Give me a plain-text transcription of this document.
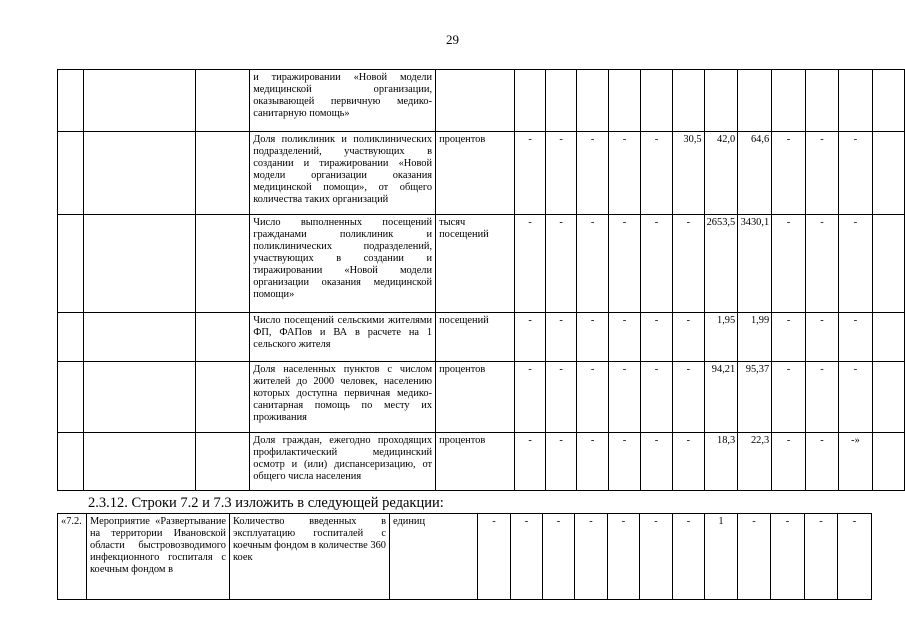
29
			и тиражировании «Новой модели медицинской организации, оказывающей первичную медико-санитарную помощь»													
			Доля поликлиник и поликлинических подразделений, участвующих в создании и тиражировании «Новой модели организации оказания медицинской помощи», от общего количества таких организаций	процентов	-	-	-	-	-	30,5	42,0	64,6	-	-	-	
			Число выполненных посещений гражданами поликлиник и поликлинических подразделений, участвующих в создании и тиражировании «Новой модели организации оказания медицинской помощи»	тысяч посещений	-	-	-	-	-	-	2653,5	3430,1	-	-	-	
			Число посещений сельскими жителями ФП, ФАПов и ВА в расчете на 1 сельского жителя	посещений	-	-	-	-	-	-	1,95	1,99	-	-	-	
			Доля населенных пунктов с числом жителей до 2000 человек, населению которых доступна первичная медико-санитарная помощь по месту их проживания	процентов	-	-	-	-	-	-	94,21	95,37	-	-	-	
			Доля граждан, ежегодно проходящих профилактический медицинский осмотр и (или) диспансеризацию, от общего числа населения	процентов	-	-	-	-	-	-	18,3	22,3	-	-	-»	
2.3.12. Строки 7.2 и 7.3 изложить в следующей редакции:
«7.2.	Мероприятие «Развертывание на территории Ивановской области быстровозводимого инфекционного госпиталя с коечным фондом в	Количество введенных в эксплуатацию госпиталей с коечным фондом в количестве 360 коек	единиц	-	-	-	-	-	-	-	1	-	-	-	-
